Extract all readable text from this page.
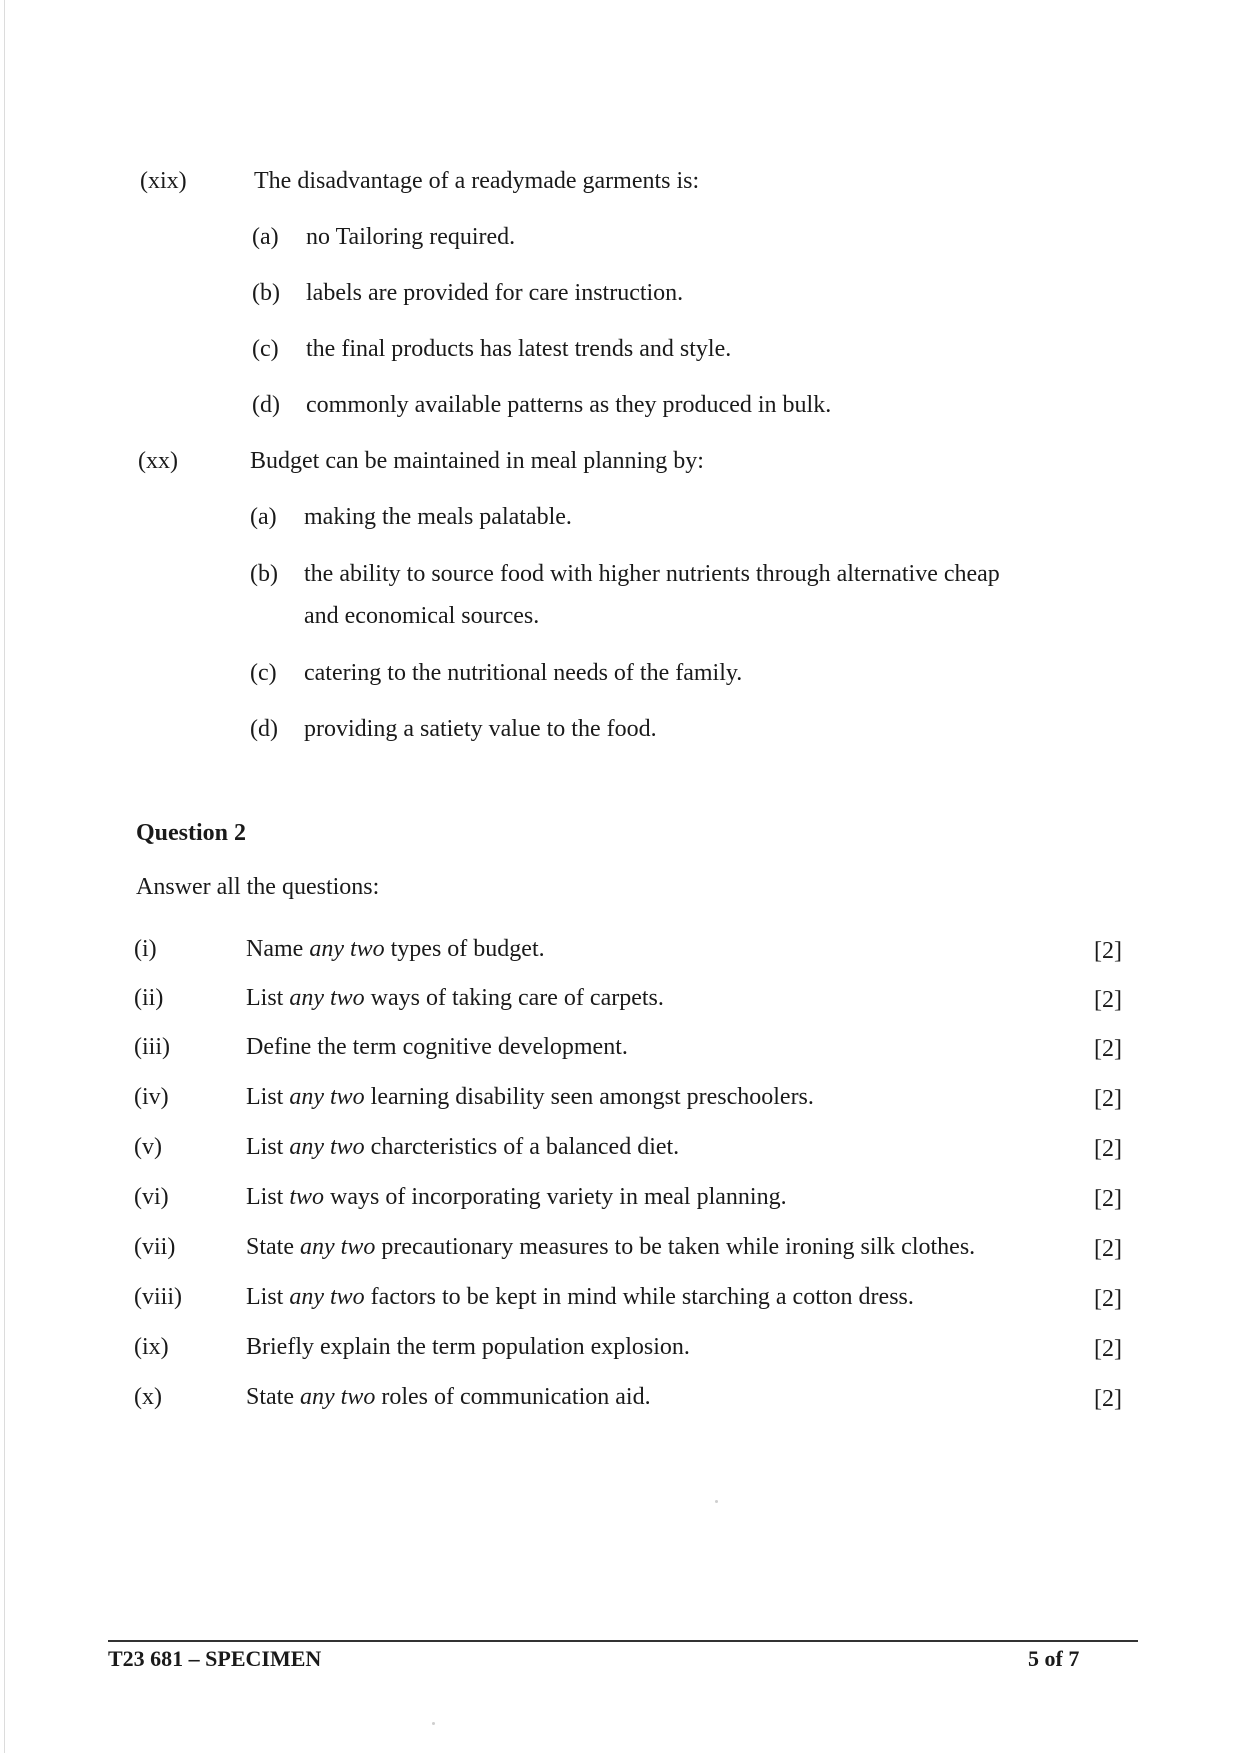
(xix)	The disadvantage of a readymade garments is:
(a) no Tailoring required.
(b) labels are provided for care instruction.
(c) the final products has latest trends and style.
(d) commonly available patterns as they produced in bulk.
(xx)	Budget can be maintained in meal planning by:
(a) making the meals palatable.
(b) the ability to source food with higher nutrients through alternative cheap
and economical sources.
(c) catering to the nutritional needs of the family.
(d) providing a satiety value to the food.
Question 2
Answer all the questions:
(i)	Name any two types of budget.	[2]
(ii)	List any two ways of taking care of carpets.	[2]
(iii)	Define the term cognitive development.	[2]
(iv)	List any two learning disability seen amongst preschoolers.	[2]
(v)	List any two charcteristics of a balanced diet.	[2]
(vi)	List two ways of incorporating variety in meal planning.	[2]
(vii)	State any two precautionary measures to be taken while ironing silk clothes.	[2]
(viii)	List any two factors to be kept in mind while starching a cotton dress.	[2]
(ix)	Briefly explain the term population explosion.	[2]
(x)	State any two roles of communication aid.	[2]
T23 681 – SPECIMEN	5 of 7
